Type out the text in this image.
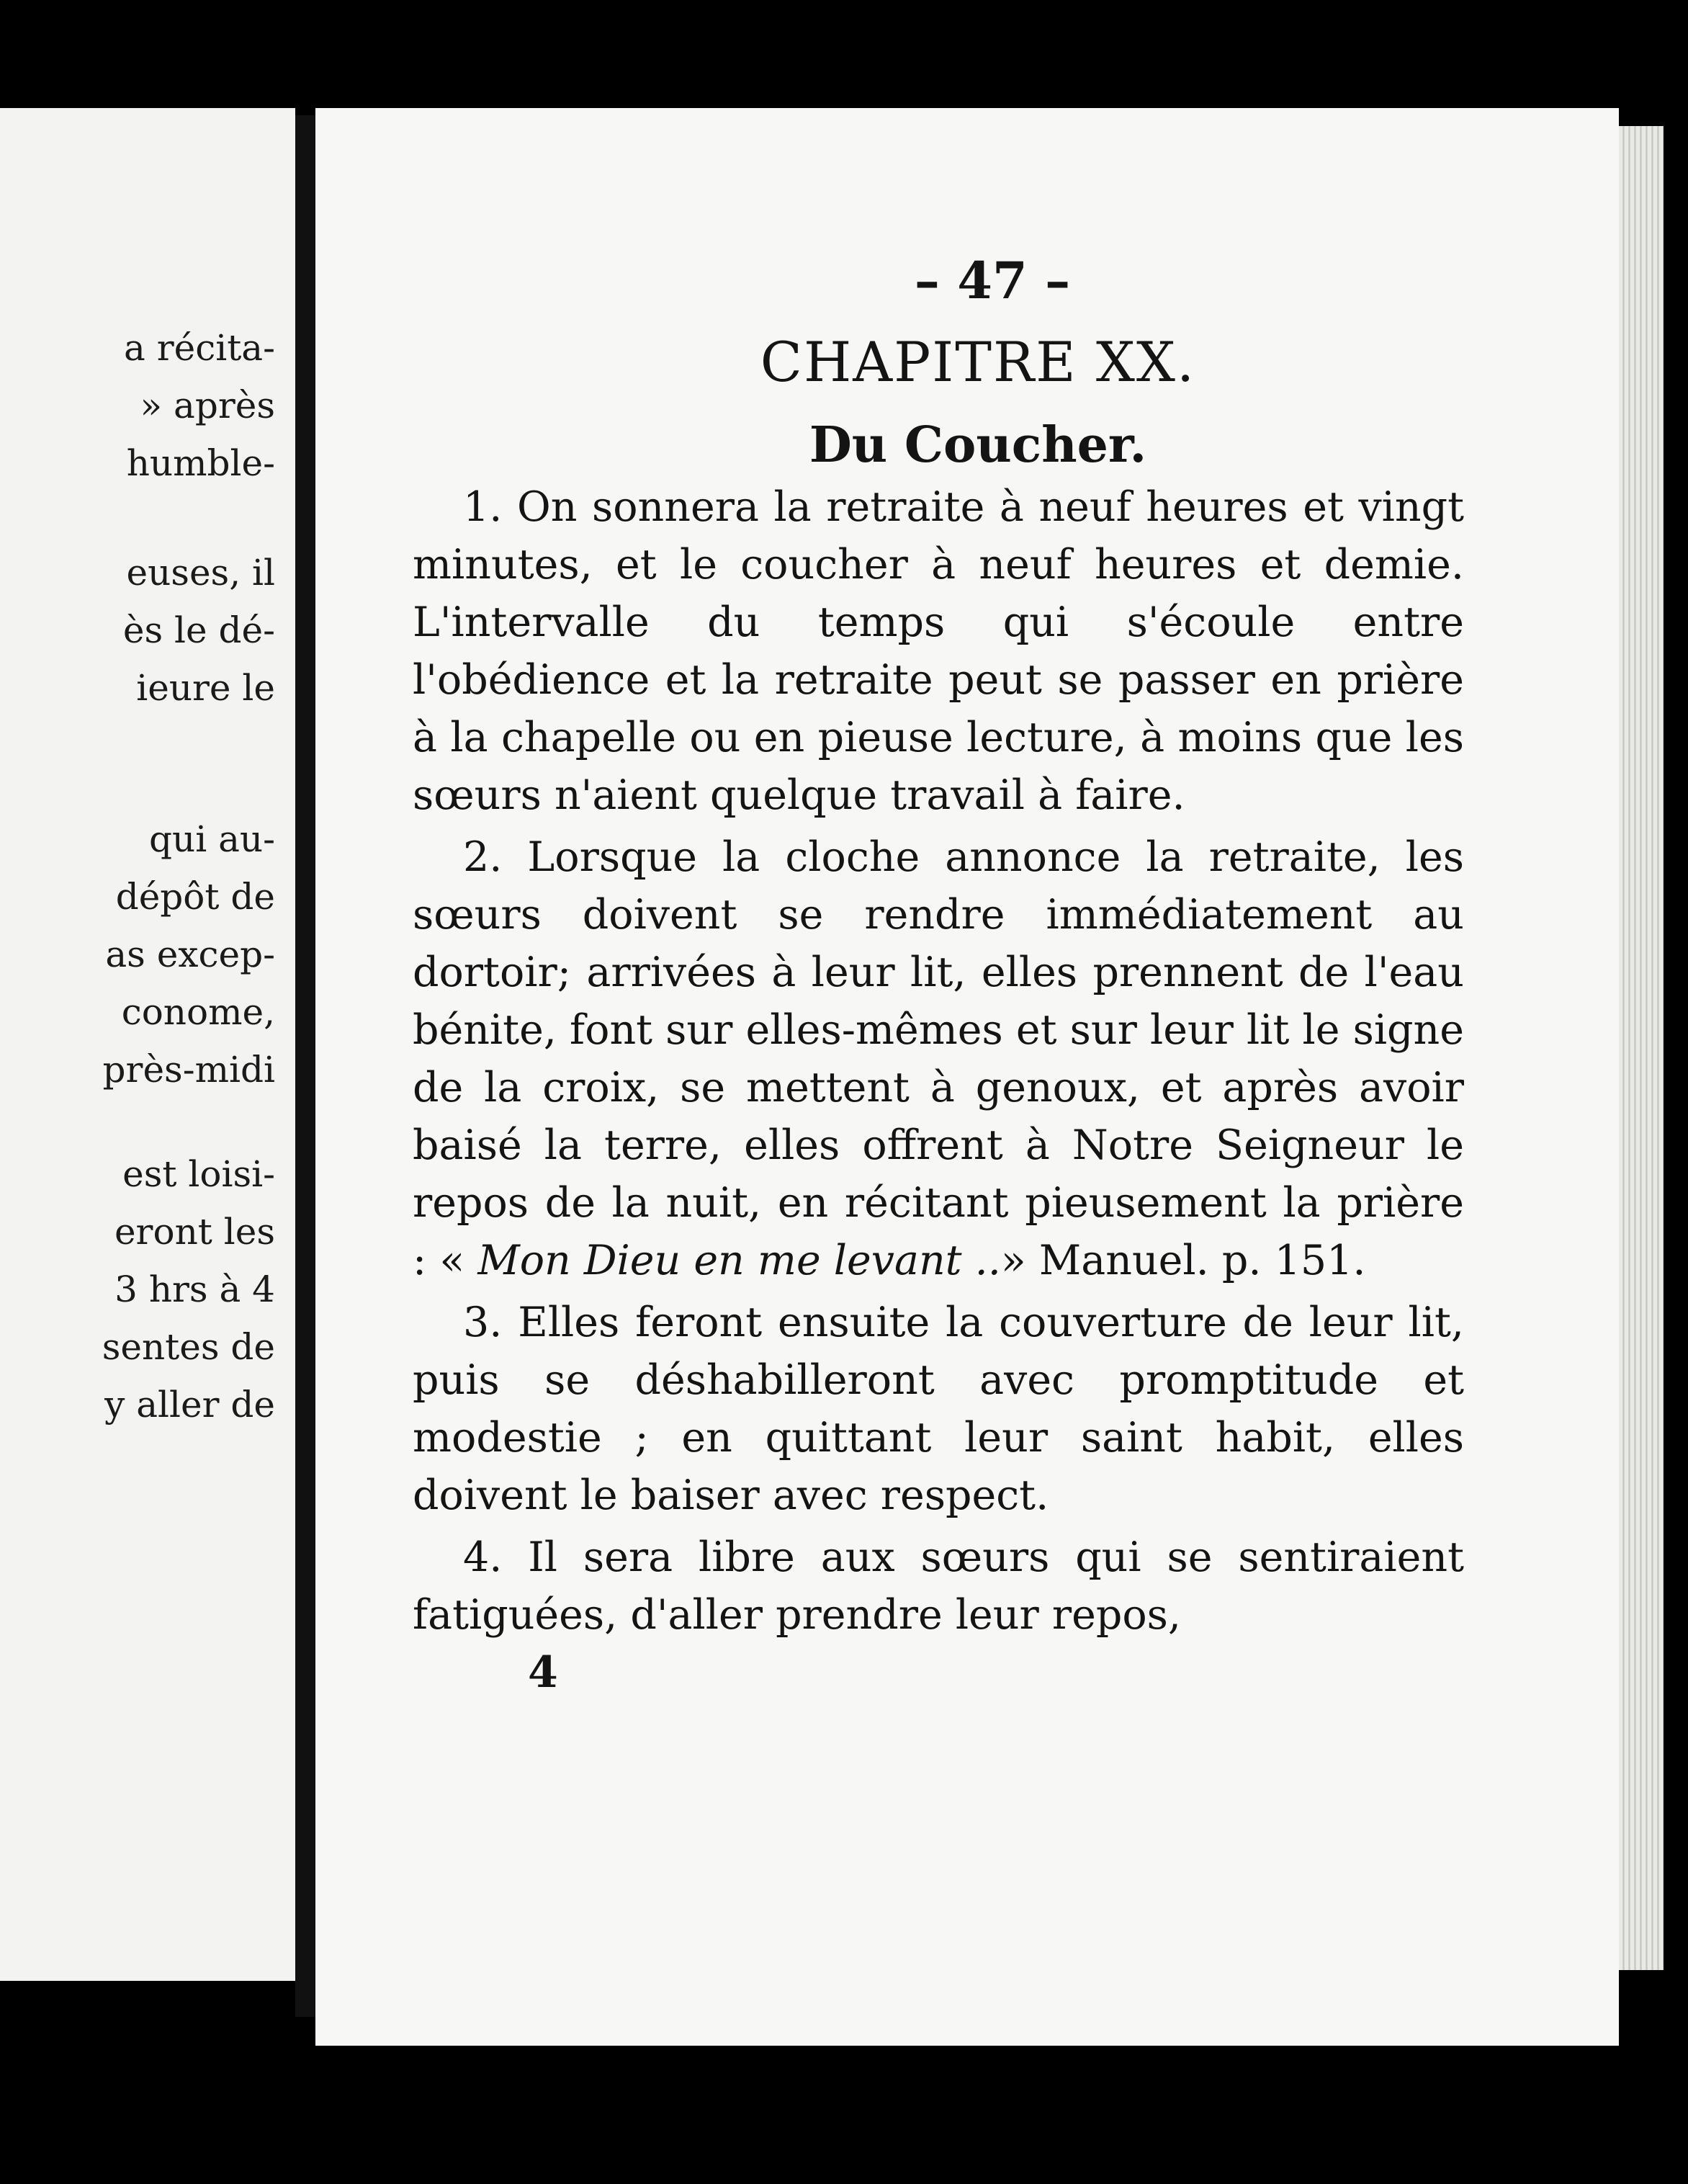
a récita-
» après
humble-
euses, il
ès le dé-
ieure le
qui au-
dépôt de
as excep-
conome,
près-midi
est loisi-
eront les
3 hrs à 4
sentes de
y aller de
– 47 –
CHAPITRE XX.
Du Coucher.

1. On sonnera la retraite à neuf heures et vingt minutes, et le coucher à neuf heures et demie. L'intervalle du temps qui s'écoule entre l'obédience et la retraite peut se passer en prière à la chapelle ou en pieuse lecture, à moins que les sœurs n'aient quelque travail à faire.

2. Lorsque la cloche annonce la retraite, les sœurs doivent se rendre immédiatement au dortoir; arrivées à leur lit, elles prennent de l'eau bénite, font sur elles-mêmes et sur leur lit le signe de la croix, se mettent à genoux, et après avoir baisé la terre, elles offrent à Notre Seigneur le repos de la nuit, en récitant pieusement la prière : « Mon Dieu en me levant ..» Manuel. p. 151.

3. Elles feront ensuite la couverture de leur lit, puis se déshabilleront avec promptitude et modestie ; en quittant leur saint habit, elles doivent le baiser avec respect.

4. Il sera libre aux sœurs qui se sentiraient fatiguées, d'aller prendre leur repos,

4
